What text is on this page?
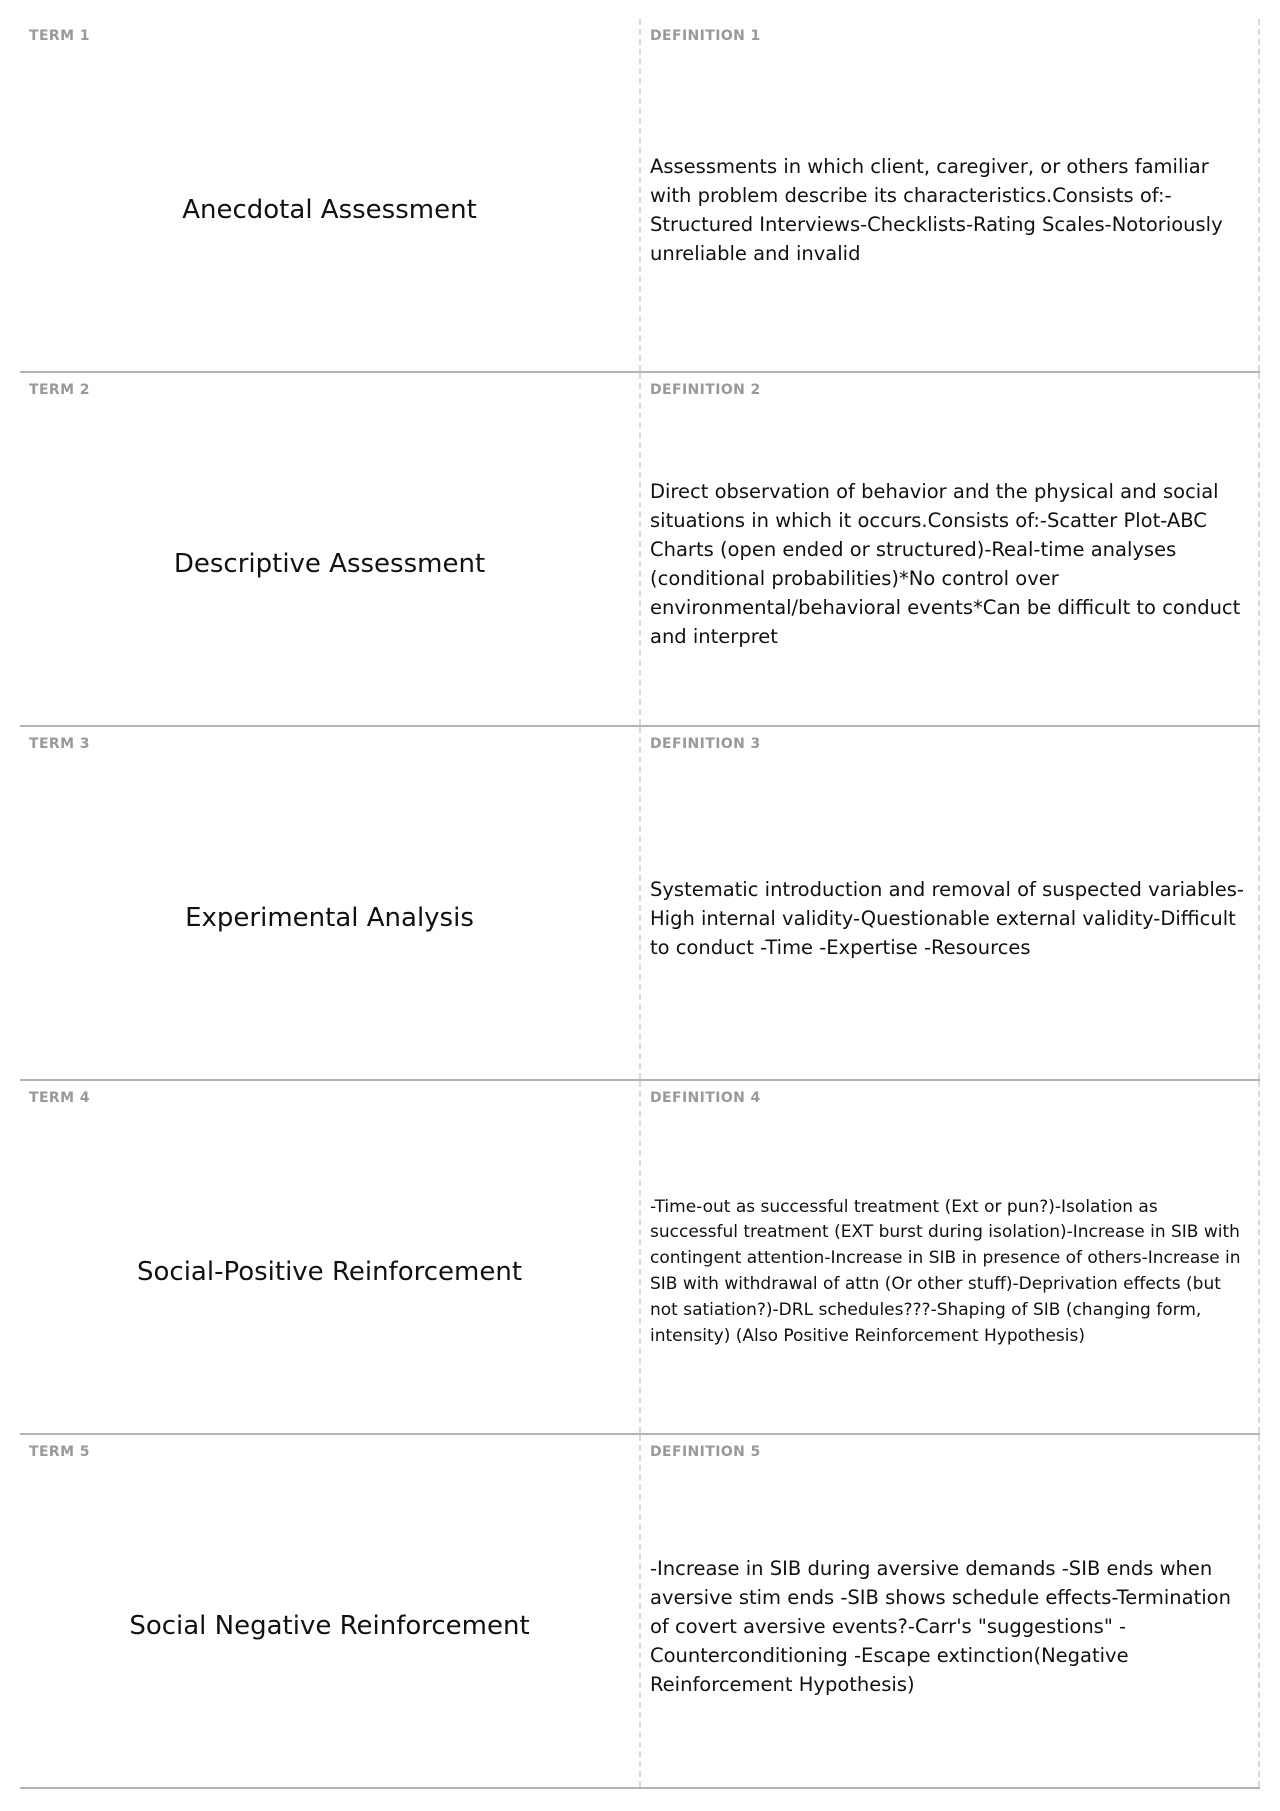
TERM 1
Anecdotal Assessment
DEFINITION 1
Assessments in which client, caregiver, or others familiar with problem describe its characteristics.Consists of:-Structured Interviews-Checklists-Rating Scales-Notoriously unreliable and invalid
TERM 2
Descriptive Assessment
DEFINITION 2
Direct observation of behavior and the physical and social situations in which it occurs.Consists of:-Scatter Plot-ABC Charts (open ended or structured)-Real-time analyses (conditional probabilities)*No control over environmental/behavioral events*Can be difficult to conduct and interpret
TERM 3
Experimental Analysis
DEFINITION 3
Systematic introduction and removal of suspected variables-High internal validity-Questionable external validity-Difficult to conduct -Time -Expertise -Resources
TERM 4
Social-Positive Reinforcement
DEFINITION 4
-Time-out as successful treatment (Ext or pun?)-Isolation as successful treatment (EXT burst during isolation)-Increase in SIB with contingent attention-Increase in SIB in presence of others-Increase in SIB with withdrawal of attn (Or other stuff)-Deprivation effects (but not satiation?)-DRL schedules???-Shaping of SIB (changing form, intensity) (Also Positive Reinforcement Hypothesis)
TERM 5
Social Negative Reinforcement
DEFINITION 5
-Increase in SIB during aversive demands -SIB ends when aversive stim ends -SIB shows schedule effects-Termination of covert aversive events?-Carr's "suggestions" -Counterconditioning -Escape extinction(Negative Reinforcement Hypothesis)
